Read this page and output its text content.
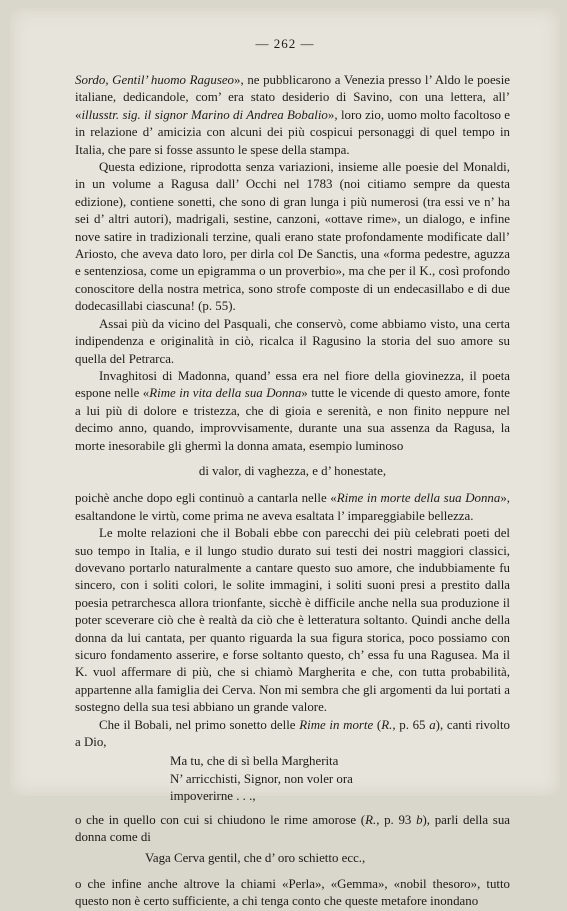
— 262 —

Sordo, Gentil’ huomo Raguseo», ne pubblicarono a Venezia presso l’ Aldo le poesie italiane, dedicandole, com’ era stato desiderio di Savino, con una lettera, all’ «illusstr. sig. il signor Marino di Andrea Bobalio», loro zio, uomo molto facoltoso e in relazione d’ amicizia con alcuni dei più cospicui personaggi di quel tempo in Italia, che pare si fosse assunto le spese della stampa.

Questa edizione, riprodotta senza variazioni, insieme alle poesie del Monaldi, in un volume a Ragusa dall’ Occhi nel 1783 (noi citiamo sempre da questa edizione), contiene sonetti, che sono di gran lunga i più numerosi (tra essi ve n’ ha sei d’ altri autori), madrigali, sestine, canzoni, «ottave rime», un dialogo, e infine nove satire in tradizionali terzine, quali erano state profondamente modificate dall’ Ariosto, che aveva dato loro, per dirla col De Sanctis, una «forma pedestre, aguzza e sentenziosa, come un epigramma o un proverbio», ma che per il K., così profondo conoscitore della nostra metrica, sono strofe composte di un endecasillabo e di due dodecasillabi ciascuna! (p. 55).

Assai più da vicino del Pasquali, che conservò, come abbiamo visto, una certa indipendenza e originalità in ciò, ricalca il Ragusino la storia del suo amore su quella del Petrarca.

Invaghitosi di Madonna, quand’ essa era nel fiore della giovinezza, il poeta espone nelle «Rime in vita della sua Donna» tutte le vicende di questo amore, fonte a lui più di dolore e tristezza, che di gioia e serenità, e non finito neppure nel decimo anno, quando, improvvisamente, durante una sua assenza da Ragusa, la morte inesorabile gli ghermì la donna amata, esempio luminoso

di valor, di vaghezza, e d’ honestate,

poichè anche dopo egli continuò a cantarla nelle «Rime in morte della sua Donna», esaltandone le virtù, come prima ne aveva esaltata l’ impareggiabile bellezza.

Le molte relazioni che il Bobali ebbe con parecchi dei più celebrati poeti del suo tempo in Italia, e il lungo studio durato sui testi dei nostri maggiori classici, dovevano portarlo naturalmente a cantare questo suo amore, che indubbiamente fu sincero, con i soliti colori, le solite immagini, i soliti suoni presi a prestito dalla poesia petrarchesca allora trionfante, sicchè è difficile anche nella sua produzione il poter sceverare ciò che è realtà da ciò che è letteratura soltanto. Quindi anche della donna da lui cantata, per quanto riguarda la sua figura storica, poco possiamo con sicuro fondamento asserire, e forse soltanto questo, ch’ essa fu una Ragusea. Ma il K. vuol affermare di più, che si chiamò Margherita e che, con tutta probabilità, appartenne alla famiglia dei Cerva. Non mi sembra che gli argomenti da lui portati a sostegno della sua tesi abbiano un grande valore.

Che il Bobali, nel primo sonetto delle Rime in morte (R., p. 65 a), canti rivolto a Dio,

Ma tu, che di sì bella Margherita
N’ arricchisti, Signor, non voler ora
impoverirne . . .,

o che in quello con cui si chiudono le rime amorose (R., p. 93 b), parli della sua donna come di

Vaga Cerva gentil, che d’ oro schietto ecc.,

o che infine anche altrove la chiami «Perla», «Gemma», «nobil thesoro», tutto questo non è certo sufficiente, a chi tenga conto che queste metafore inondano
